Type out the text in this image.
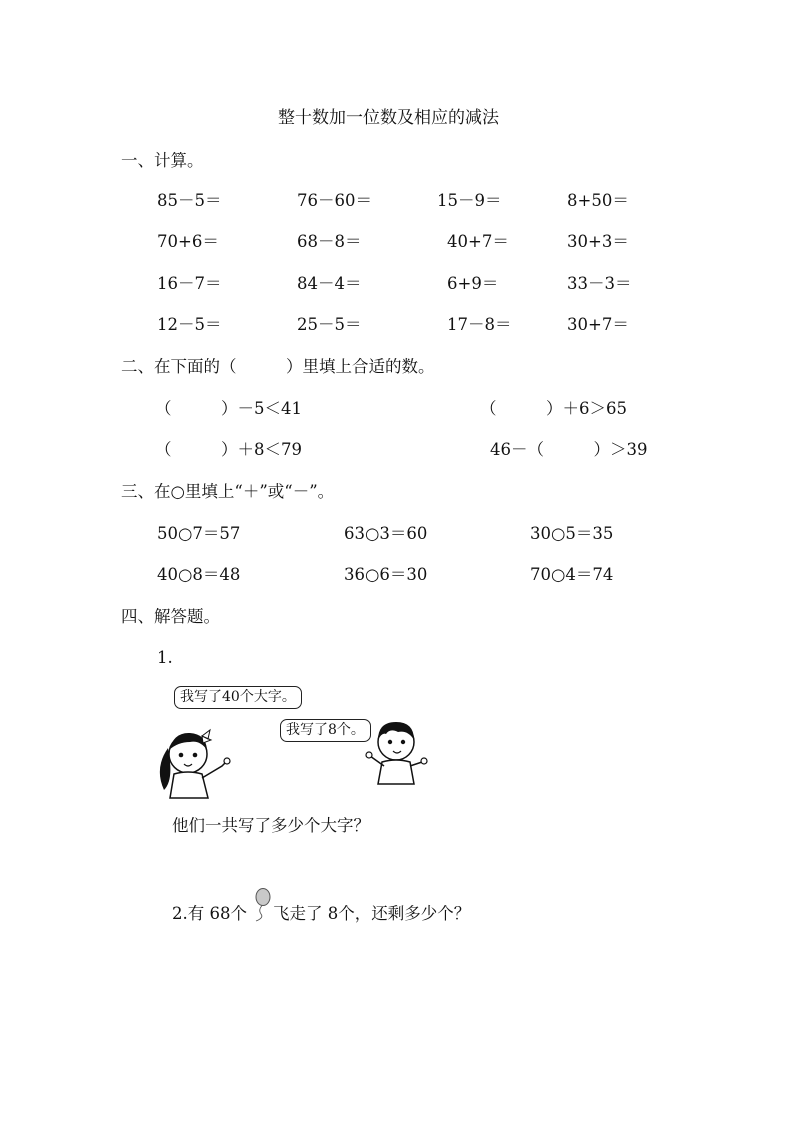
整十数加一位数及相应的减法
一、计算。
85－5＝	76－60＝	15－9＝	8+50＝
70+6＝	68－8＝	40+7＝	30+3＝
16－7＝	84－4＝	6+9＝	33－3＝
12－5＝	25－5＝	17－8＝	30+7＝
二、在下面的（　　　）里填上合适的数。
（　　　）－5＜41	（　　　）＋6＞65
（　　　）＋8＜79	46－（　　　）＞39
三、在○里填上“＋”或“－”。
50○7＝57	63○3＝60	30○5＝35
40○8＝48	36○6＝30	70○4＝74
四、解答题。
1.
我写了40个大字。
我写了8个。
他们一共写了多少个大字？
2.有 68个 飞走了 8个，还剩多少个？
